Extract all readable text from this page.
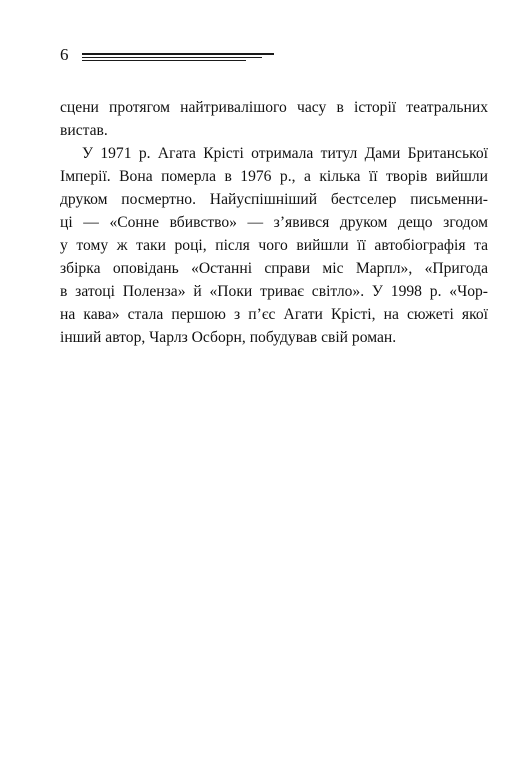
6
сцени протягом найтривалішого часу в історії театральних
вистав.
У 1971 р. Агата Крісті отримала титул Дами Британської
Імперії. Вона померла в 1976 р., а кілька її творів вийшли
друком посмертно. Найуспішніший бестселер письменни-
ці — «Сонне вбивство» — з’явився друком дещо згодом
у тому ж таки році, після чого вийшли її автобіографія та
збірка оповідань «Останні справи міс Марпл», «Пригода
в затоці Поленза» й «Поки триває світло». У 1998 р. «Чор-
на кава» стала першою з п’єс Агати Крісті, на сюжеті якої
інший автор, Чарлз Осборн, побудував свій роман.
